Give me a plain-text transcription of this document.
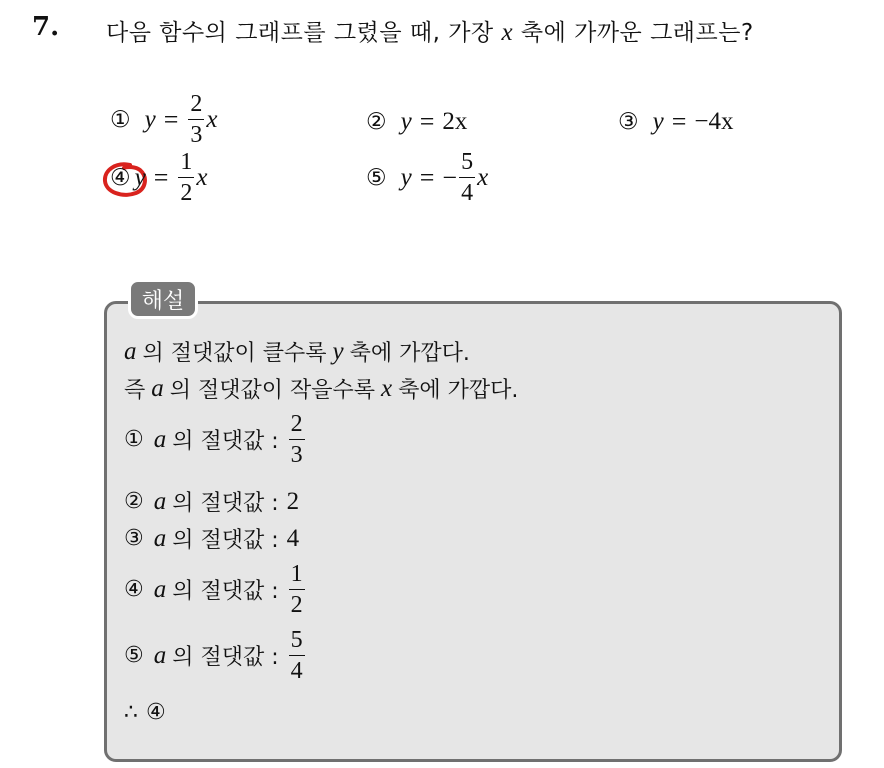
7. 다음 함수의 그래프를 그렸을 때, 가장 x 축에 가까운 그래프는?
① $y = \frac{2}{3}$ x	② y = 2x	③ y = −4x
④ $y = \frac{1}{2}$ x	⑤ y = − $\frac{5}{4}$ x
해설
a 의 절댓값이 클수록 y 축에 가깝다.
즉 a 의 절댓값이 작을수록 x 축에 가깝다.
① a 의 절댓값 : $\frac{2}{3}$
② a 의 절댓값 : 2
③ a 의 절댓값 : 4
④ a 의 절댓값 : $\frac{1}{2}$
⑤ a 의 절댓값 : $\frac{5}{4}$
∴ ④
